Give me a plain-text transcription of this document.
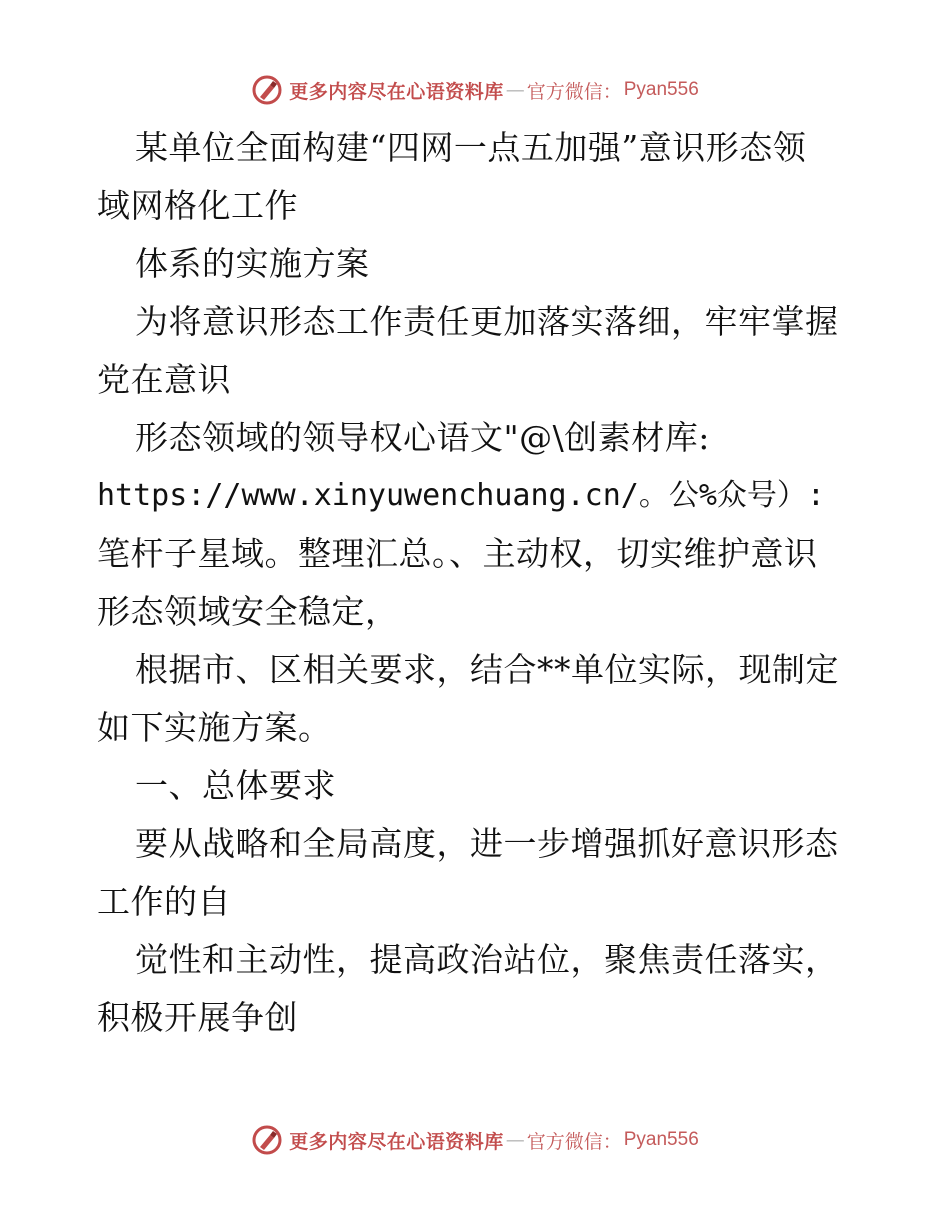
更多内容尽在心语资料库 — 官方微信： Pyan556
某单位全面构建“四网一点五加强”意识形态领
域网格化工作
体系的实施方案
为将意识形态工作责任更加落实落细，牢牢掌握
党在意识
形态领域的领导权心语文"@\创素材库:
https://www.xinyuwenchuang.cn/。公%众号）:
笔杆子星域。整理汇总。、主动权，切实维护意识
形态领域安全稳定，
根据市、区相关要求，结合**单位实际，现制定
如下实施方案。
一、总体要求
要从战略和全局高度，进一步增强抓好意识形态
工作的自
觉性和主动性，提高政治站位，聚焦责任落实，
积极开展争创
更多内容尽在心语资料库 — 官方微信： Pyan556
